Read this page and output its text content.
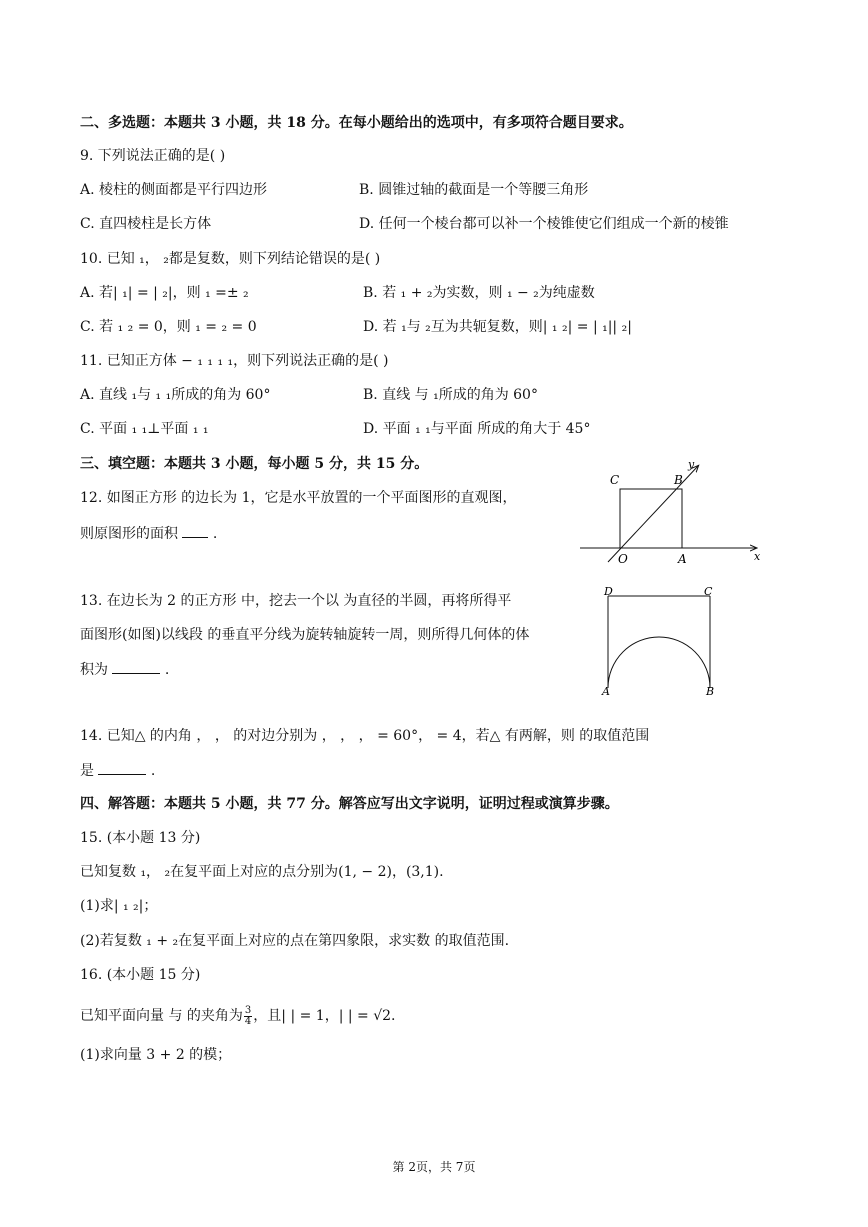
二、多选题：本题共 3 小题，共 18 分。在每小题给出的选项中，有多项符合题目要求。
9. 下列说法正确的是( )
A. 棱柱的侧面都是平行四边形	B. 圆锥过轴的截面是一个等腰三角形
C. 直四棱柱是长方体	D. 任何一个棱台都可以补一个棱锥使它们组成一个新的棱锥
10. 已知 ₁， ₂都是复数，则下列结论错误的是( )
A. 若| ₁| = | ₂|，则 ₁ =± ₂	B. 若 ₁ + ₂为实数，则 ₁ − ₂为纯虚数
C. 若 ₁ ₂ = 0，则 ₁ = ₂ = 0	D. 若 ₁与 ₂互为共轭复数，则| ₁ ₂| = | ₁|| ₂|
11. 已知正方体 − ₁ ₁ ₁ ₁，则下列说法正确的是( )
A. 直线 ₁与 ₁ ₁所成的角为 60°	B. 直线 与 ₁所成的角为 60°
C. 平面 ₁ ₁⊥平面 ₁ ₁	D. 平面 ₁ ₁与平面 所成的角大于 45°
三、填空题：本题共 3 小题，每小题 5 分，共 15 分。
12. 如图正方形 的边长为 1，它是水平放置的一个平面图形的直观图，
则原图形的面积 .
C	B
O	A	x
y
13. 在边长为 2 的正方形 中，挖去一个以 为直径的半圆，再将所得平
面图形(如图)以线段 的垂直平分线为旋转轴旋转一周，则所得几何体的体
积为	.
D	C
A	B
14. 已知△ 的内角 ， ， 的对边分别为 ， ， ， = 60°， = 4，若△ 有两解，则 的取值范围
是	.
四、解答题：本题共 5 小题，共 77 分。解答应写出文字说明，证明过程或演算步骤。
15. (本小题 13 分)
已知复数 ₁， ₂在复平面上对应的点分别为(1, − 2)，(3,1).
(1)求| ₁ ₂|；
(2)若复数 ₁ + ₂在复平面上对应的点在第四象限，求实数 的取值范围.
16. (本小题 15 分)
已知平面向量 与 的夹角为 $\frac{3}{4}$ ，且| | = 1，| | = √2.
(1)求向量 3 + 2 的模；
第 2页，共 7页
